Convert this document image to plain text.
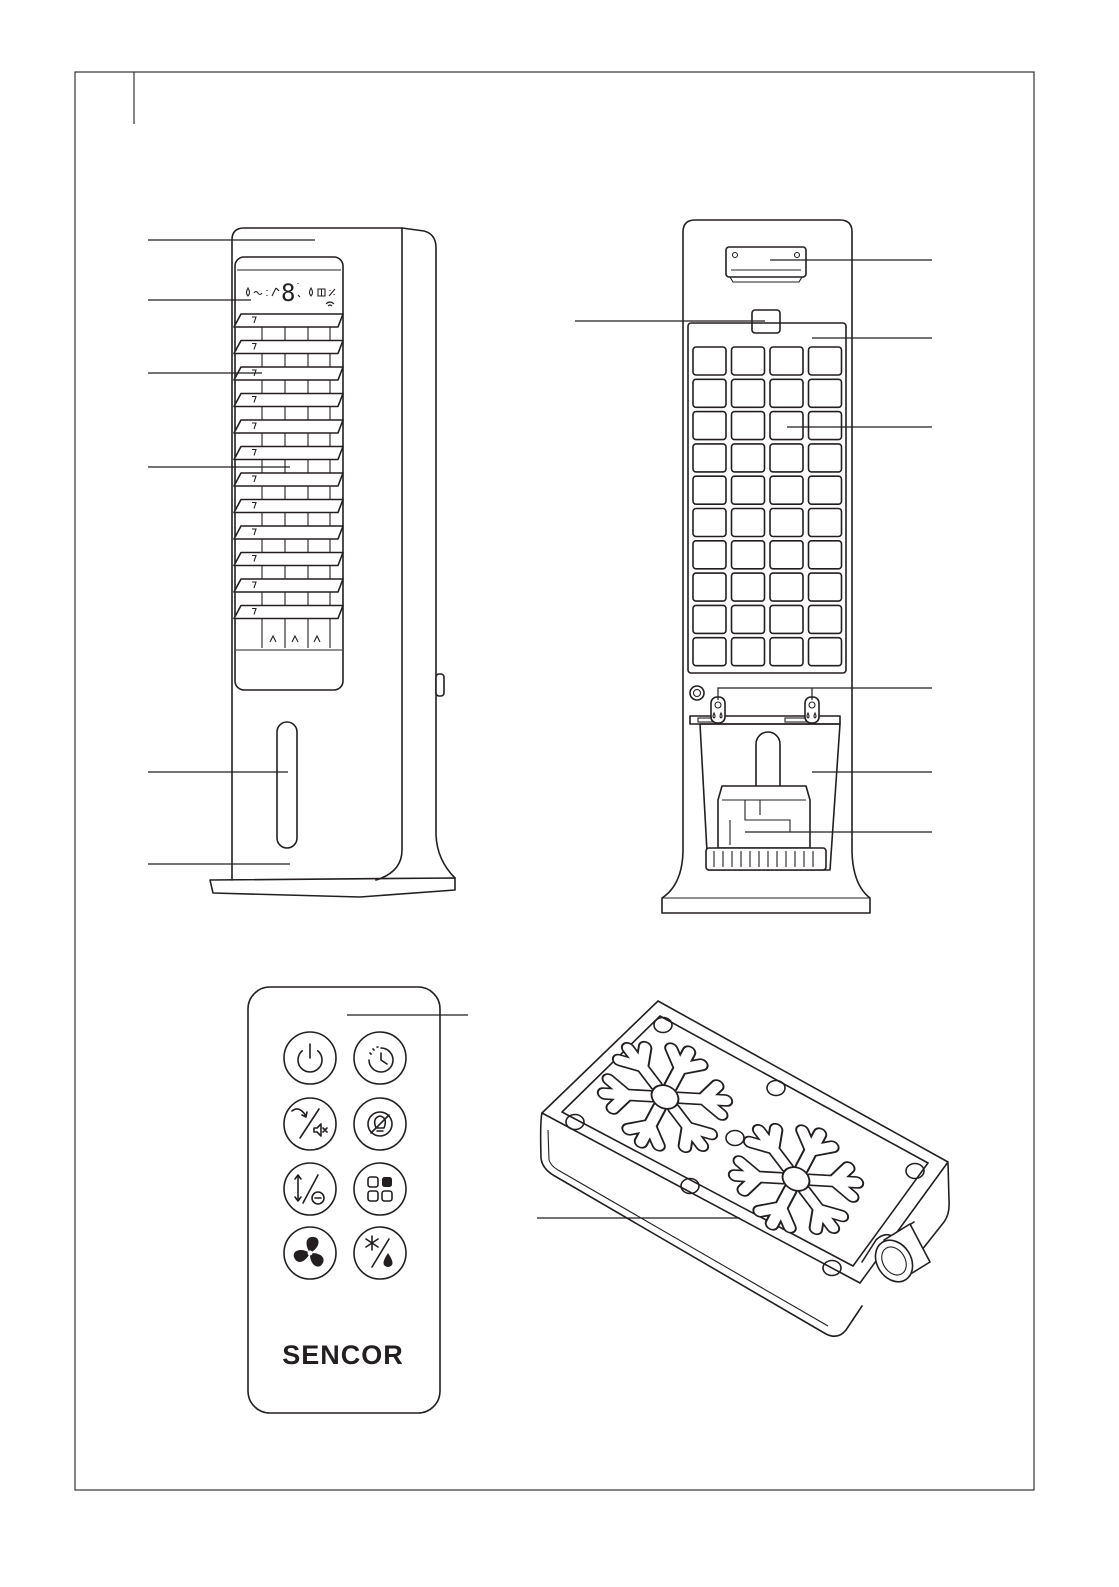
8
SENCOR
